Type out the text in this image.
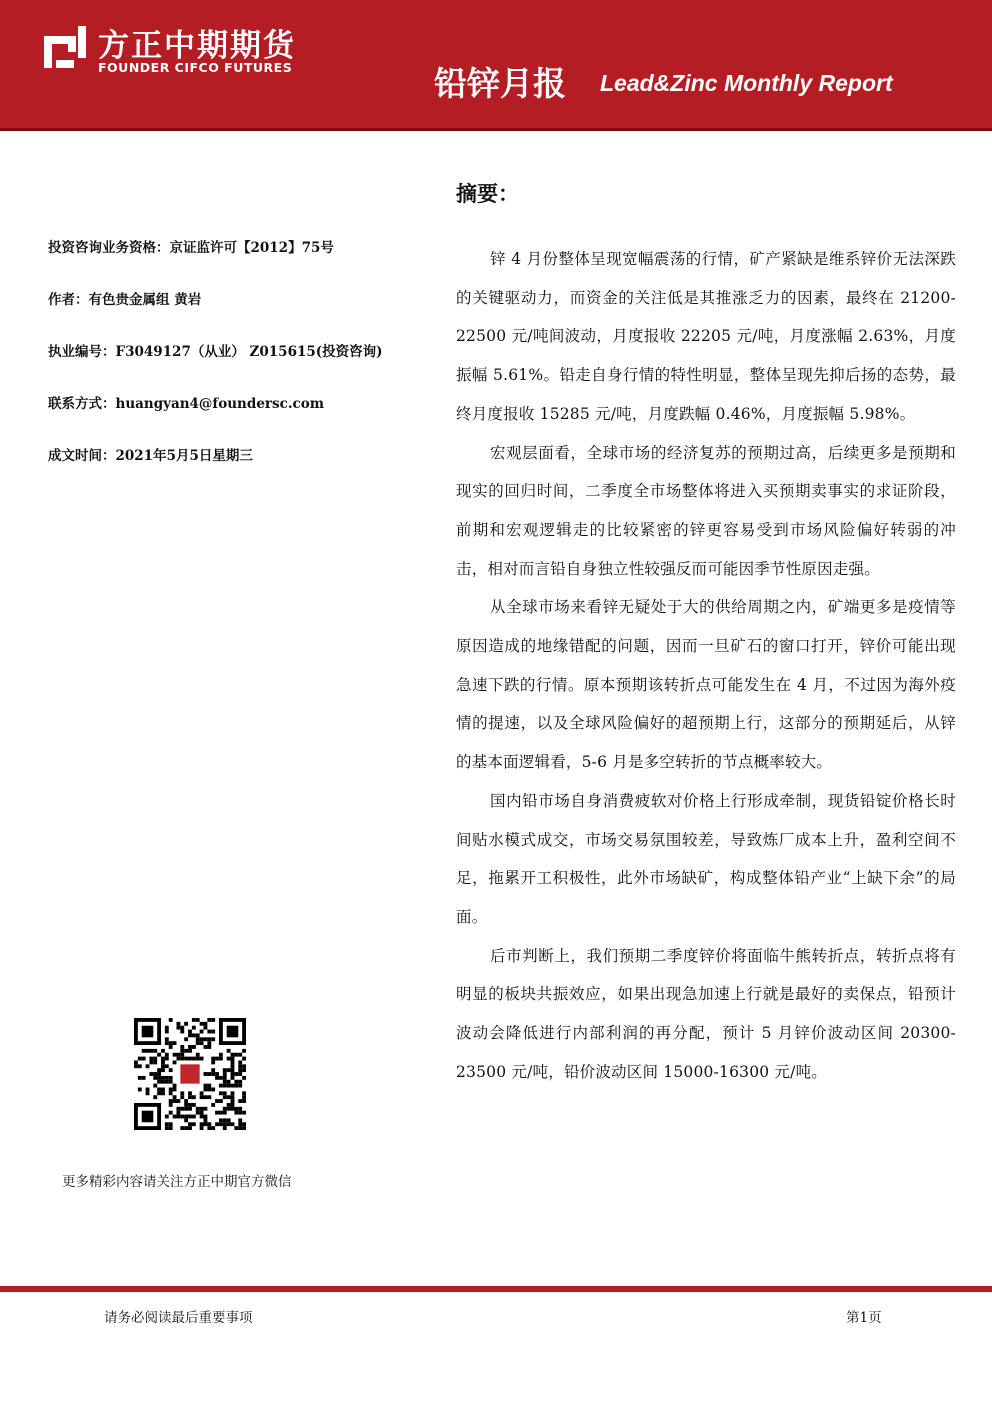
方正中期期货
FOUNDER CIFCO FUTURES	铅锌月报 Lead&Zinc Monthly Report
投资咨询业务资格：京证监许可【2012】75号
作者：有色贵金属组 黄岩
执业编号：F3049127（从业） Z015615(投资咨询)
联系方式：huangyan4@foundersc.com
成文时间：2021年5月5日星期三
摘要：

锌 4 月份整体呈现宽幅震荡的行情，矿产紧缺是维系锌价无法深跌的关键驱动力，而资金的关注低是其推涨乏力的因素，最终在 21200-22500 元/吨间波动，月度报收 22205 元/吨，月度涨幅 2.63%，月度振幅 5.61%。铅走自身行情的特性明显，整体呈现先抑后扬的态势，最终月度报收 15285 元/吨，月度跌幅 0.46%，月度振幅 5.98%。

宏观层面看，全球市场的经济复苏的预期过高，后续更多是预期和现实的回归时间，二季度全市场整体将进入买预期卖事实的求证阶段，前期和宏观逻辑走的比较紧密的锌更容易受到市场风险偏好转弱的冲击，相对而言铅自身独立性较强反而可能因季节性原因走强。

从全球市场来看锌无疑处于大的供给周期之内，矿端更多是疫情等原因造成的地缘错配的问题，因而一旦矿石的窗口打开，锌价可能出现急速下跌的行情。原本预期该转折点可能发生在 4 月，不过因为海外疫情的提速，以及全球风险偏好的超预期上行，这部分的预期延后，从锌的基本面逻辑看，5-6 月是多空转折的节点概率较大。

国内铅市场自身消费疲软对价格上行形成牵制，现货铅锭价格长时间贴水模式成交，市场交易氛围较差，导致炼厂成本上升，盈利空间不足，拖累开工积极性，此外市场缺矿，构成整体铅产业“上缺下余”的局面。

后市判断上，我们预期二季度锌价将面临牛熊转折点，转折点将有明显的板块共振效应，如果出现急加速上行就是最好的卖保点，铅预计波动会降低进行内部利润的再分配，预计 5 月锌价波动区间 20300-23500 元/吨，铅价波动区间 15000-16300 元/吨。

更多精彩内容请关注方正中期官方微信
请务必阅读最后重要事项	第1页
